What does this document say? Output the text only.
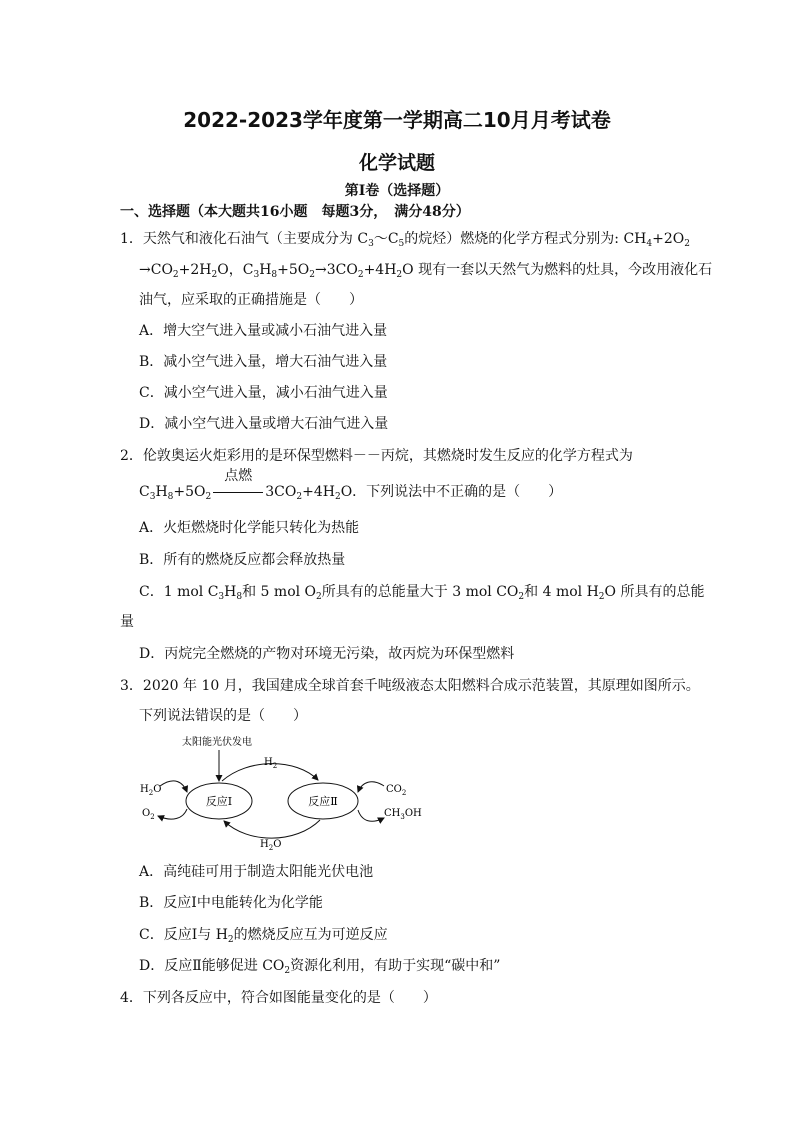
2022-2023学年度第一学期高二10月月考试卷
化学试题
第Ⅰ卷（选择题）
一、选择题（本大题共16小题　每题3分，　满分48分）
1．天然气和液化石油气（主要成分为 $C_3\sim C_5$的烷烃）燃烧的化学方程式分别为: $CH_4+2O_2$
$\to CO_2+2H_2O$，$C_3H_8+5O_2\to 3CO_2+4H_2O$ 现有一套以天然气为燃料的灶具，今改用液化石
油气，应采取的正确措施是（　　）
A．增大空气进入量或减小石油气进入量
B．减小空气进入量，增大石油气进入量
C．减小空气进入量，减小石油气进入量
D．减小空气进入量或增大石油气进入量
2．伦敦奥运火炬彩用的是环保型燃料－－丙烷，其燃烧时发生反应的化学方程式为
$C_3H_8+5O_2$
点燃
$3CO_2+4H_2O$．下列说法中不正确的是（　　）
A．火炬燃烧时化学能只转化为热能
B．所有的燃烧反应都会释放热量
C．1 mol $C_3H_8$和 5 mol $O_2$所具有的总能量大于 3 mol $CO_2$和 4 mol $H_2O$ 所具有的总能
量
D．丙烷完全燃烧的产物对环境无污染，故丙烷为环保型燃料
3．2020 年 10 月，我国建成全球首套千吨级液态太阳燃料合成示范装置，其原理如图所示。
下列说法错误的是（　　）
太阳能光伏发电
反应Ⅰ	反应Ⅱ
$H_2$
$H_2O$
$H_2O$
$O_2$
$CO_2$
$CH_3OH$
A．高纯硅可用于制造太阳能光伏电池
B．反应Ⅰ中电能转化为化学能
C．反应Ⅰ与 $H_2$的燃烧反应互为可逆反应
D．反应Ⅱ能够促进 $CO_2$资源化利用，有助于实现“碳中和”
4．下列各反应中，符合如图能量变化的是（　　）
